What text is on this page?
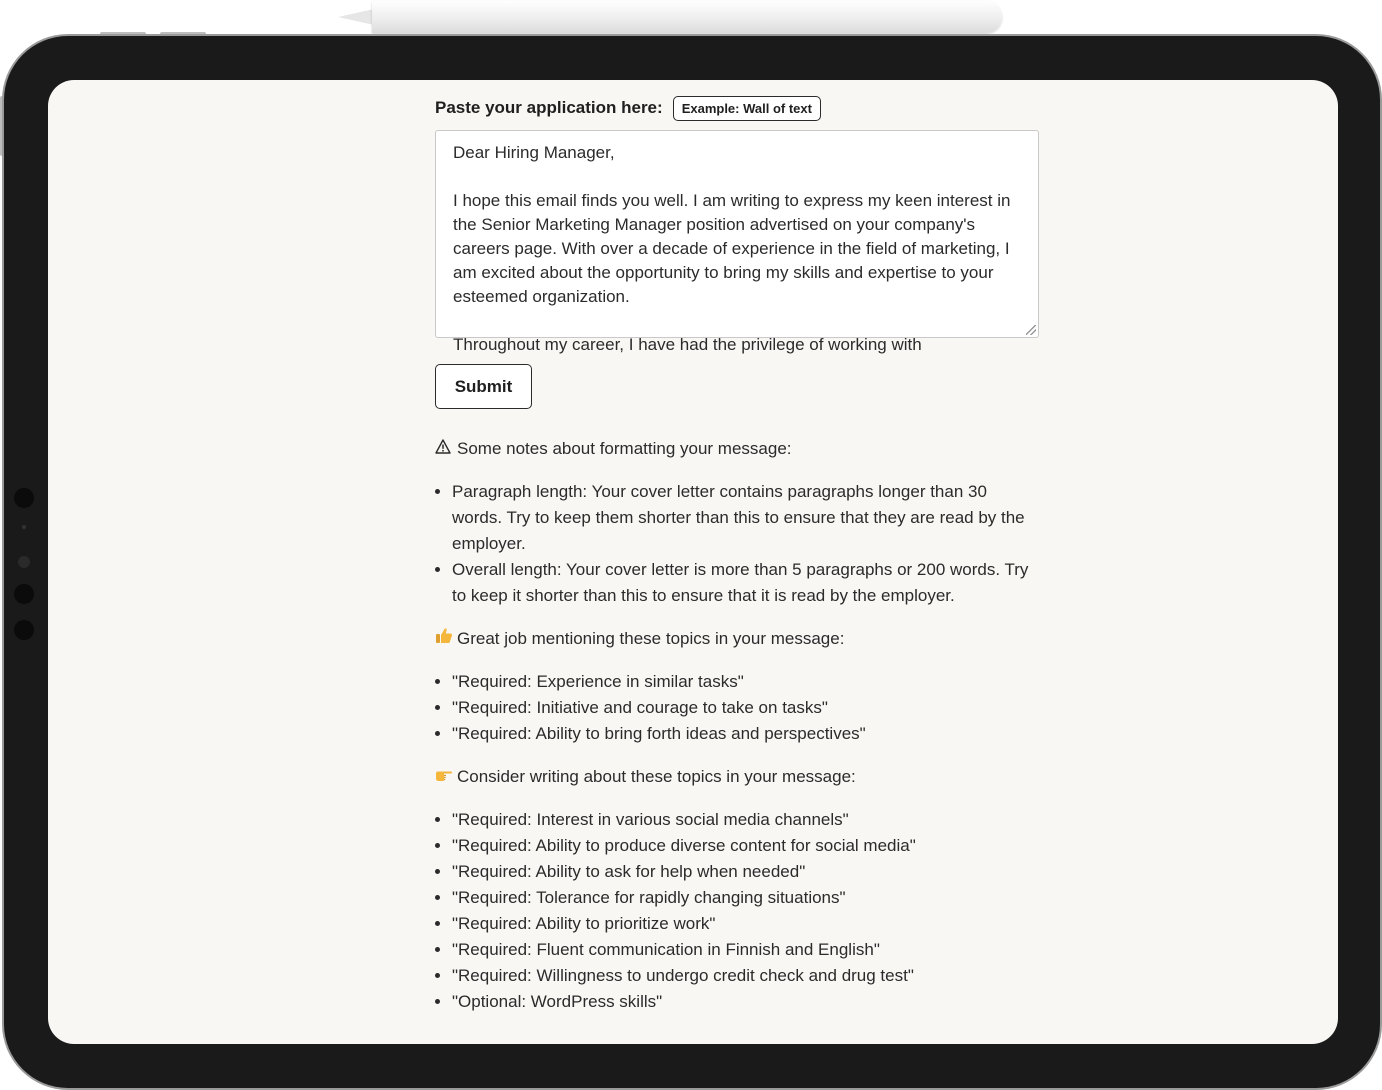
Paste your application here:	Example: Wall of text

Dear Hiring Manager,

I hope this email finds you well. I am writing to express my keen interest in the Senior Marketing Manager position advertised on your company's careers page. With over a decade of experience in the field of marketing, I am excited about the opportunity to bring my skills and expertise to your esteemed organization.

Throughout my career, I have had the privilege of working with

Submit
Some notes about formatting your message:
• Paragraph length: Your cover letter contains paragraphs longer than 30 words. Try to keep them shorter than this to ensure that they are read by the employer.
• Overall length: Your cover letter is more than 5 paragraphs or 200 words. Try to keep it shorter than this to ensure that it is read by the employer.
Great job mentioning these topics in your message:
• "Required: Experience in similar tasks"
• "Required: Initiative and courage to take on tasks"
• "Required: Ability to bring forth ideas and perspectives"
Consider writing about these topics in your message:
• "Required: Interest in various social media channels"
• "Required: Ability to produce diverse content for social media"
• "Required: Ability to ask for help when needed"
• "Required: Tolerance for rapidly changing situations"
• "Required: Ability to prioritize work"
• "Required: Fluent communication in Finnish and English"
• "Required: Willingness to undergo credit check and drug test"
• "Optional: WordPress skills"
